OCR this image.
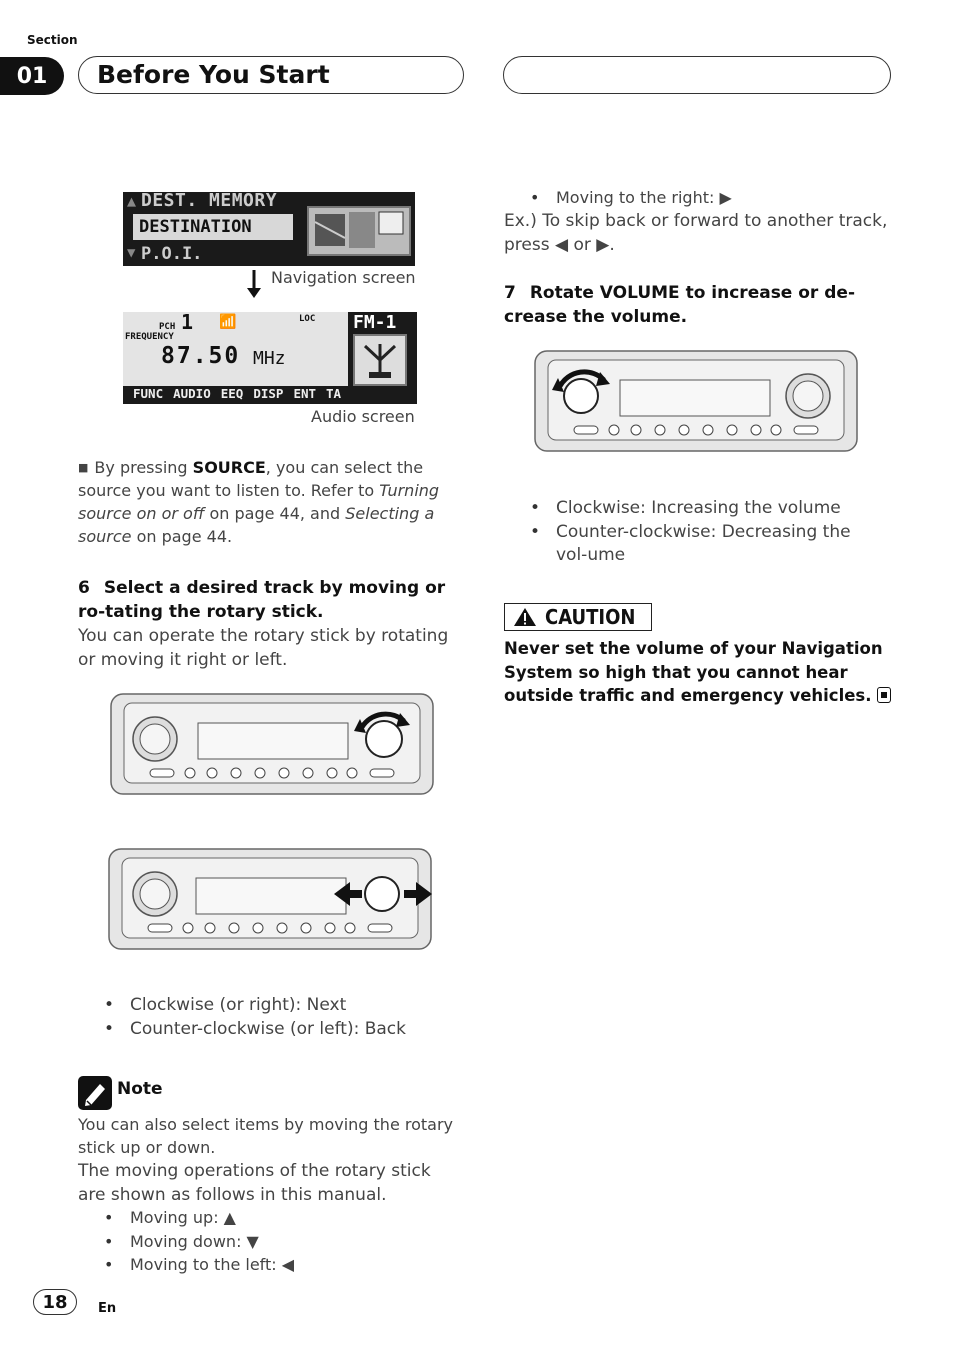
Section
01	Before You Start
▲ DEST. MEMORY
DESTINATION
▼ P.O.I.
Navigation screen
PCH 1 📶
FREQUENCY
87.50 MHz
LOC FM-1
FUNC AUDIO EEQ DISP ENT TA
Audio screen
■ By pressing SOURCE, you can select the source you want to listen to. Refer to Turning source on or off on page 44, and Selecting a source on page 44.
6 Select a desired track by moving or ro-tating the rotary stick.
You can operate the rotary stick by rotating or moving it right or left.
• Clockwise (or right): Next
• Counter-clockwise (or left): Back
Note
You can also select items by moving the rotary stick up or down.
The moving operations of the rotary stick are shown as follows in this manual.
• Moving up: ▲
• Moving down: ▼
• Moving to the left: ◀
• Moving to the right: ▶
Ex.) To skip back or forward to another track, press ◀ or ▶.
7 Rotate VOLUME to increase or de-crease the volume.
• Clockwise: Increasing the volume
• Counter-clockwise: Decreasing the vol-ume
CAUTION
Never set the volume of your Navigation System so high that you cannot hear outside traffic and emergency vehicles.
18	En
